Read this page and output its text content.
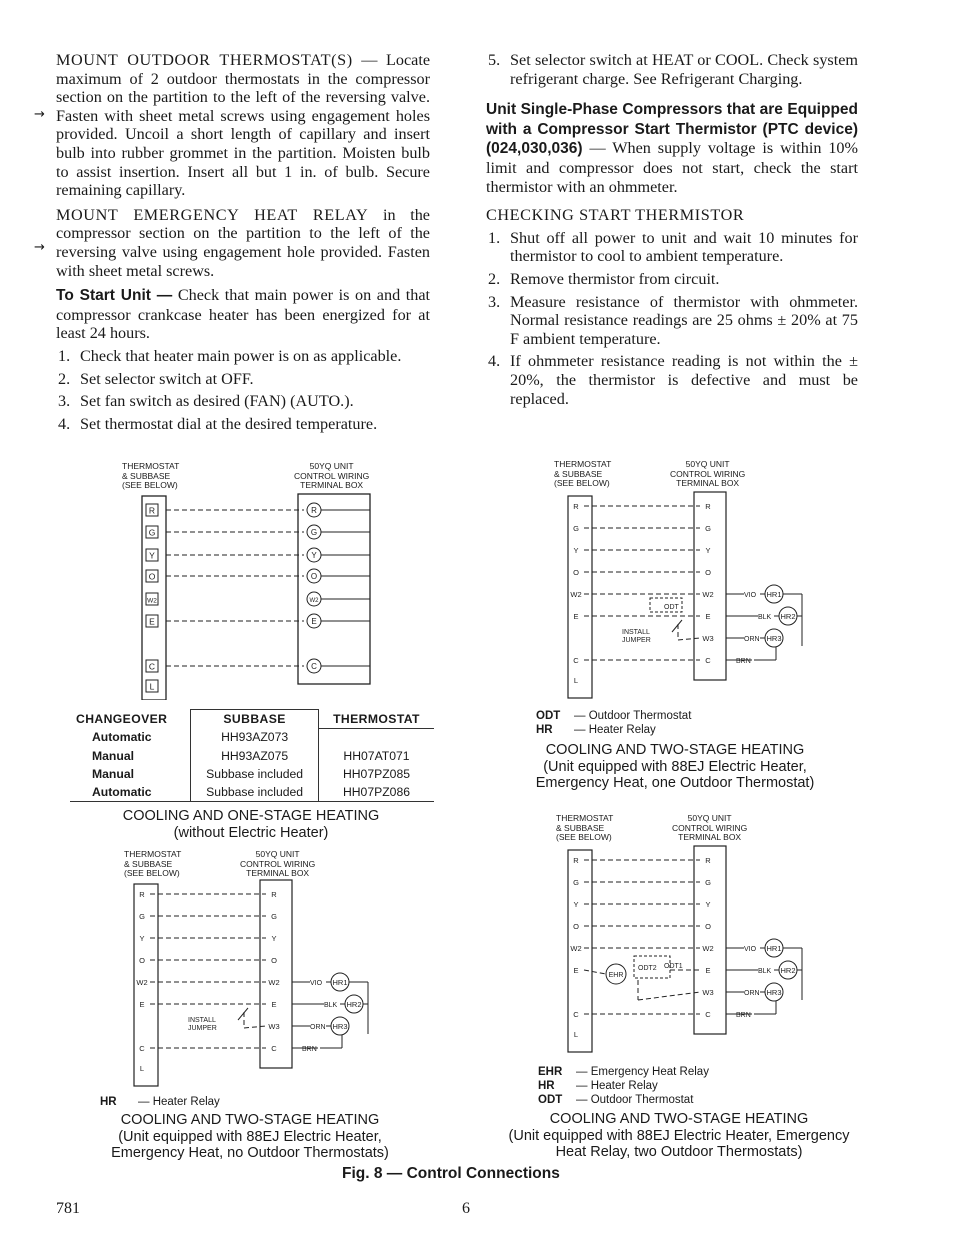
MOUNT OUTDOOR THERMOSTAT(S) — Locate maximum of 2 outdoor thermostats in the compressor section on the partition to the left of the reversing valve. Fasten with sheet metal screws using engagement holes provided. Uncoil a short length of capillary and insert bulb into rubber grommet in the partition. Moisten bulb to assist insertion. Insert all but 1 in. of bulb. Secure remaining capillary.

MOUNT EMERGENCY HEAT RELAY in the compressor section on the partition to the left of the reversing valve using engagement hole provided. Fasten with sheet metal screws.

To Start Unit — Check that main power is on and that compressor crankcase heater has been energized for at least 24 hours.

1. Check that heater main power is on as applicable.
2. Set selector switch at OFF.
3. Set fan switch as desired (FAN) (AUTO.).
4. Set thermostat dial at the desired temperature.
→
→
5. Set selector switch at HEAT or COOL. Check system refrigerant charge. See Refrigerant Charging.

Unit Single-Phase Compressors that are Equipped with a Compressor Start Thermistor (PTC device) (024,030,036) — When supply voltage is within 10% limit and compressor does not start, check the start thermistor with an ohmmeter.

CHECKING START THERMISTOR

1. Shut off all power to unit and wait 10 minutes for thermistor to cool to ambient temperature.
2. Remove thermistor from circuit.
3. Measure resistance of thermistor with ohmmeter. Normal resistance readings are 25 ohms ± 20% at 75 F ambient temperature.
4. If ohmmeter resistance reading is not within the ± 20%, the thermistor is defective and must be replaced.
THERMOSTAT
& SUBBASE
(SEE BELOW)
50YQ UNIT
CONTROL WIRING
TERMINAL BOX
R	R
G	G
Y	Y
O	O
W2	W2
E	E
C	C
L
CHANGEOVER	SUBBASE	THERMOSTAT
Automatic	HH93AZ073	
Manual	HH93AZ075	HH07AT071
Manual	Subbase included	HH07PZ085
Automatic	Subbase included	HH07PZ086
COOLING AND ONE-STAGE HEATING
(without Electric Heater)
THERMOSTAT
& SUBBASE
(SEE BELOW)
50YQ UNIT
CONTROL WIRING
TERMINAL BOX
R
G
Y
O
W2
E
C
L
R
G
Y
O
W2
E
W3
C
INSTALL
JUMPER
VIO HR1
BLK HR2
ORN HR3
BRN
HR — Heater Relay
COOLING AND TWO-STAGE HEATING
(Unit equipped with 88EJ Electric Heater,
Emergency Heat, no Outdoor Thermostats)
THERMOSTAT
& SUBBASE
(SEE BELOW)
50YQ UNIT
CONTROL WIRING
TERMINAL BOX
R
G
Y
O
W2
E
C
L
R
G
Y
O
W2
E
W3
C
ODT
INSTALL
JUMPER
VIO HR1
BLK HR2
ORN HR3
BRN
ODT — Outdoor Thermostat
HR — Heater Relay
COOLING AND TWO-STAGE HEATING
(Unit equipped with 88EJ Electric Heater,
Emergency Heat, one Outdoor Thermostat)
THERMOSTAT
& SUBBASE
(SEE BELOW)
50YQ UNIT
CONTROL WIRING
TERMINAL BOX
R
G
Y
O
W2
E
C
L
R
G
Y
O
W2
E
W3
C
EHR
ODT2 ODT1
VIO HR1
BLK HR2
ORN HR3
BRN
EHR — Emergency Heat Relay
HR — Heater Relay
ODT — Outdoor Thermostat
COOLING AND TWO-STAGE HEATING
(Unit equipped with 88EJ Electric Heater, Emergency
Heat Relay, two Outdoor Thermostats)
Fig. 8 — Control Connections
781	6
